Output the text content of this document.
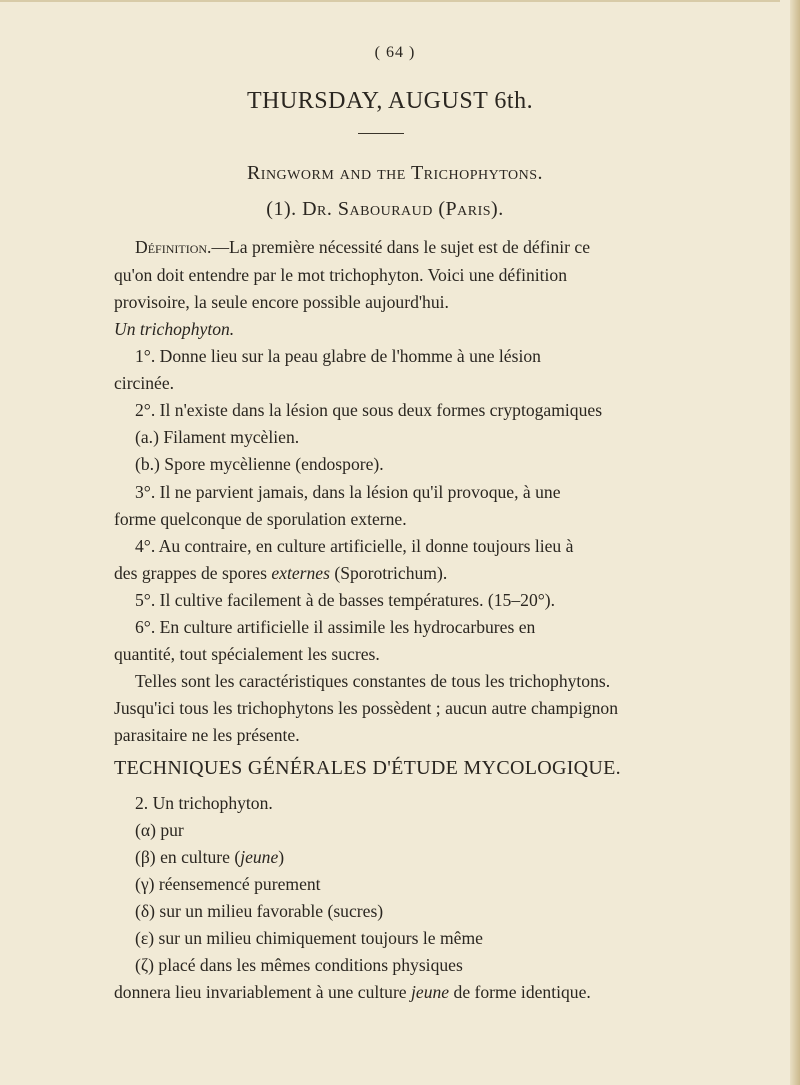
( 64 )
THURSDAY, AUGUST 6th.
Ringworm and the Trichophytons.
(1). Dr. Sabouraud (Paris).
Définition.—La première nécessité dans le sujet est de définir ce
qu'on doit entendre par le mot trichophyton. Voici une définition
provisoire, la seule encore possible aujourd'hui.
Un trichophyton.
1°. Donne lieu sur la peau glabre de l'homme à une lésion
circinée.
2°. Il n'existe dans la lésion que sous deux formes cryptogamiques
(a.) Filament mycèlien.
(b.) Spore mycèlienne (endospore).
3°. Il ne parvient jamais, dans la lésion qu'il provoque, à une
forme quelconque de sporulation externe.
4°. Au contraire, en culture artificielle, il donne toujours lieu à
des grappes de spores externes (Sporotrichum).
5°. Il cultive facilement à de basses températures. (15–20°).
6°. En culture artificielle il assimile les hydrocarbures en
quantité, tout spécialement les sucres.
Telles sont les caractéristiques constantes de tous les trichophytons.
Jusqu'ici tous les trichophytons les possèdent ; aucun autre champignon
parasitaire ne les présente.
TECHNIQUES GÉNÉRALES D'ÉTUDE MYCOLOGIQUE.
2. Un trichophyton.
(α) pur
(β) en culture (jeune)
(γ) réensemencé purement
(δ) sur un milieu favorable (sucres)
(ε) sur un milieu chimiquement toujours le même
(ζ) placé dans les mêmes conditions physiques
donnera lieu invariablement à une culture jeune de forme identique.
